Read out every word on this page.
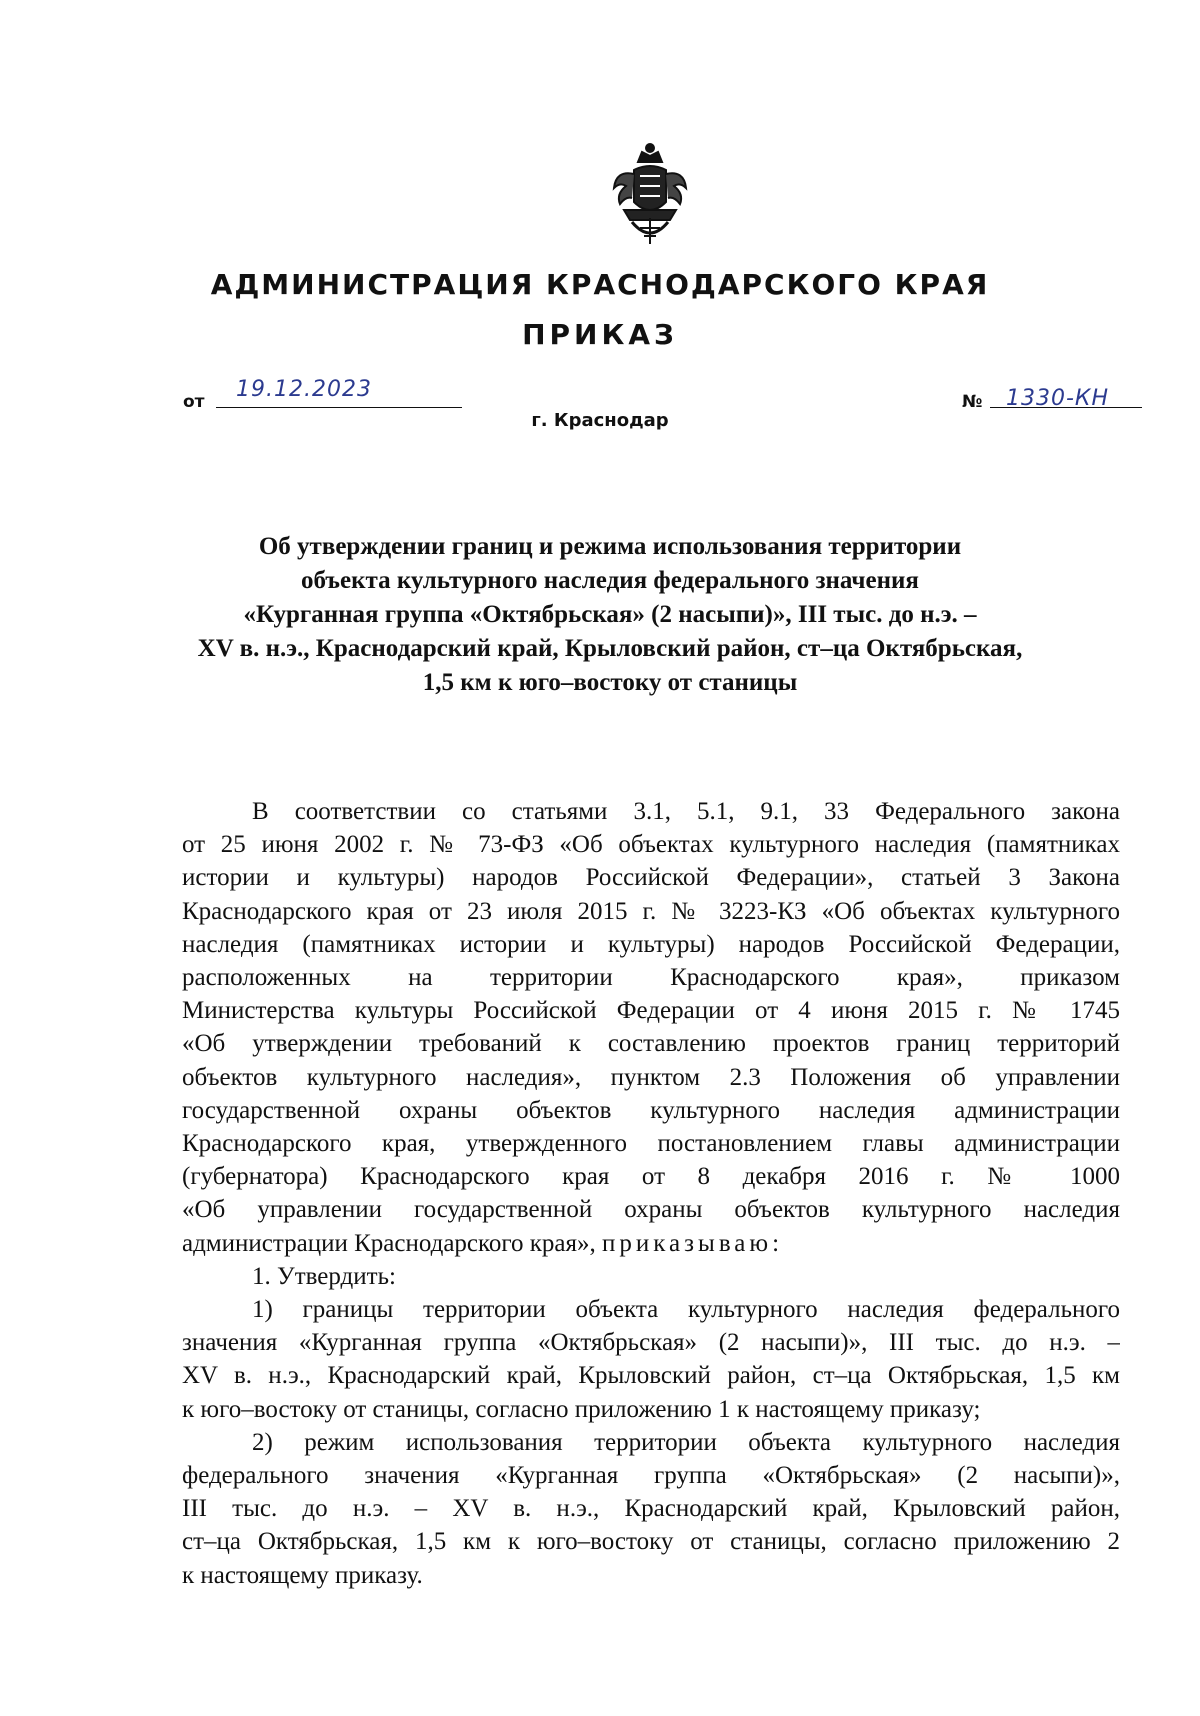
АДМИНИСТРАЦИЯ КРАСНОДАРСКОГО КРАЯ
ПРИКАЗ
от 19.12.2023	№ 1330-КН
г. Краснодар
Об утверждении границ и режима использования территории
объекта культурного наследия федерального значения
«Курганная группа «Октябрьская» (2 насыпи)», III тыс. до н.э. –
XV в. н.э., Краснодарский край, Крыловский район, ст–ца Октябрьская,
1,5 км к юго–востоку от станицы
В соответствии со статьями 3.1, 5.1, 9.1, 33 Федерального закона
от 25 июня 2002 г. № 73-ФЗ «Об объектах культурного наследия (памятниках
истории и культуры) народов Российской Федерации», статьей 3 Закона
Краснодарского края от 23 июля 2015 г. № 3223-КЗ «Об объектах культурного
наследия (памятниках истории и культуры) народов Российской Федерации,
расположенных на территории Краснодарского края», приказом
Министерства культуры Российской Федерации от 4 июня 2015 г. № 1745
«Об утверждении требований к составлению проектов границ территорий
объектов культурного наследия», пунктом 2.3 Положения об управлении
государственной охраны объектов культурного наследия администрации
Краснодарского края, утвержденного постановлением главы администрации
(губернатора) Краснодарского края от 8 декабря 2016 г. № 1000
«Об управлении государственной охраны объектов культурного наследия
администрации Краснодарского края», приказываю:
1. Утвердить:
1) границы территории объекта культурного наследия федерального
значения «Курганная группа «Октябрьская» (2 насыпи)», III тыс. до н.э. –
XV в. н.э., Краснодарский край, Крыловский район, ст–ца Октябрьская, 1,5 км
к юго–востоку от станицы, согласно приложению 1 к настоящему приказу;
2) режим использования территории объекта культурного наследия
федерального значения «Курганная группа «Октябрьская» (2 насыпи)»,
III тыс. до н.э. – XV в. н.э., Краснодарский край, Крыловский район,
ст–ца Октябрьская, 1,5 км к юго–востоку от станицы, согласно приложению 2
к настоящему приказу.
